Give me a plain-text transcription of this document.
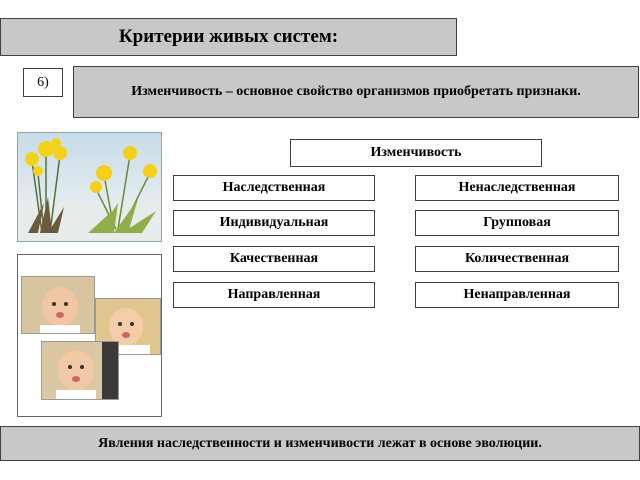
Критерии живых систем:
6)
Изменчивость – основное свойство организмов приобретать признаки.
Изменчивость
Наследственная
Индивидуальная
Качественная
Направленная
Ненаследственная
Групповая
Количественная
Ненаправленная
Явления наследственности и изменчивости лежат в основе эволюции.
